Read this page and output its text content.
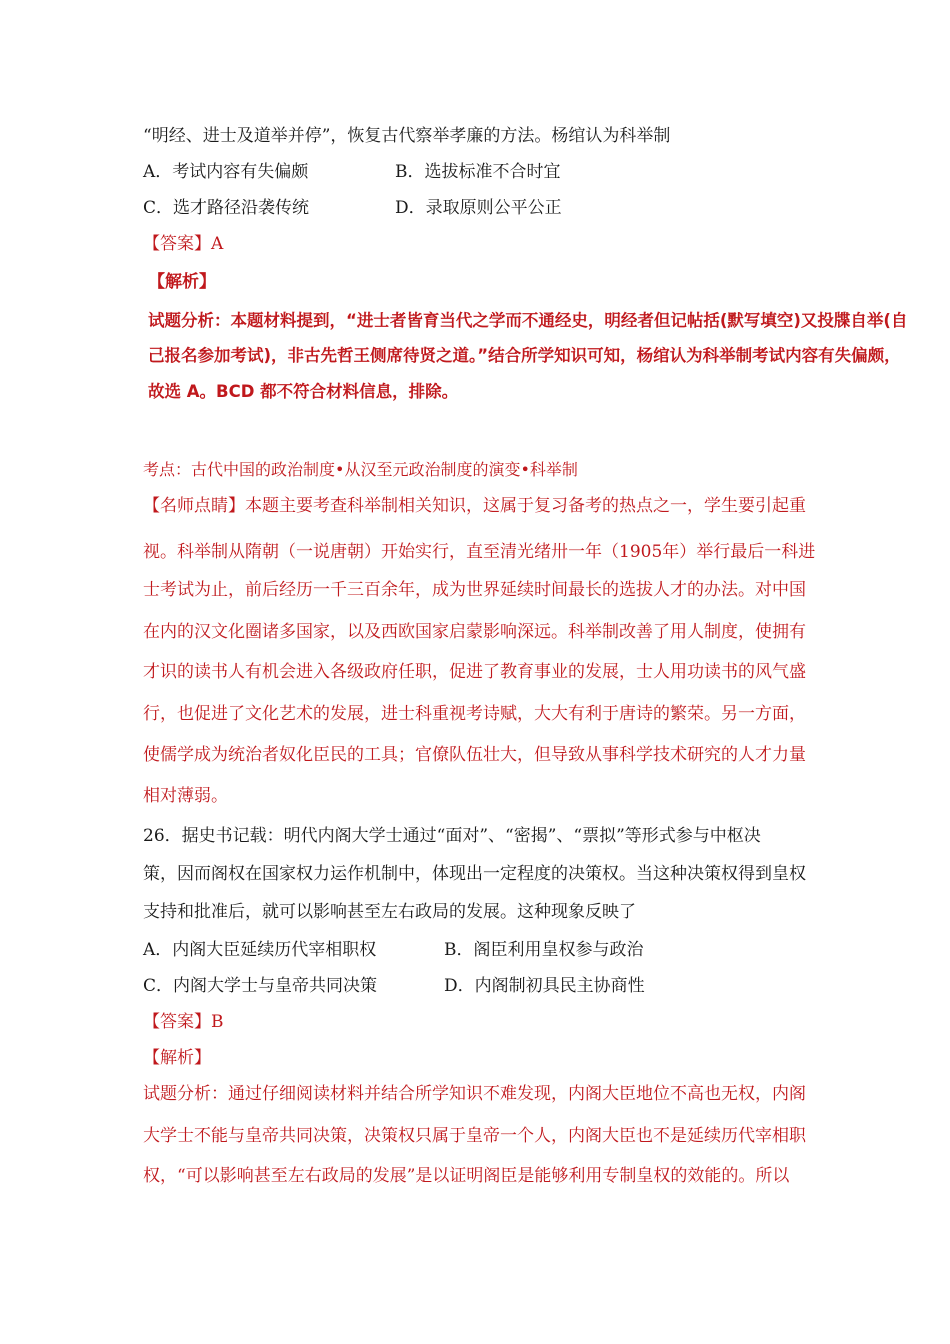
“明经、进士及道举并停”，恢复古代察举孝廉的方法。杨绾认为科举制
A．考试内容有失偏颇	B．选拔标准不合时宜
C．选才路径沿袭传统	D．录取原则公平公正
【答案】A
【解析】
试题分析：本题材料提到，“进士者皆育当代之学而不通经史，明经者但记帖括(默写填空)又投牒自举(自
己报名参加考试)，非古先哲王侧席待贤之道。”结合所学知识可知，杨绾认为科举制考试内容有失偏颇，
故选 A。BCD 都不符合材料信息，排除。
考点：古代中国的政治制度•从汉至元政治制度的演变•科举制
【名师点睛】本题主要考查科举制相关知识，这属于复习备考的热点之一，学生要引起重
视。科举制从隋朝（一说唐朝）开始实行，直至清光绪卅一年（1905年）举行最后一科进
士考试为止，前后经历一千三百余年，成为世界延续时间最长的选拔人才的办法。对中国
在内的汉文化圈诸多国家，以及西欧国家启蒙影响深远。科举制改善了用人制度，使拥有
才识的读书人有机会进入各级政府任职，促进了教育事业的发展，士人用功读书的风气盛
行，也促进了文化艺术的发展，进士科重视考诗赋，大大有利于唐诗的繁荣。另一方面，
使儒学成为统治者奴化臣民的工具；官僚队伍壮大，但导致从事科学技术研究的人才力量
相对薄弱。
26．据史书记载：明代内阁大学士通过“面对”、“密揭”、“票拟”等形式参与中枢决
策，因而阁权在国家权力运作机制中，体现出一定程度的决策权。当这种决策权得到皇权
支持和批准后，就可以影响甚至左右政局的发展。这种现象反映了
A．内阁大臣延续历代宰相职权	B．阁臣利用皇权参与政治
C．内阁大学士与皇帝共同决策	D．内阁制初具民主协商性
【答案】B
【解析】
试题分析：通过仔细阅读材料并结合所学知识不难发现，内阁大臣地位不高也无权，内阁
大学士不能与皇帝共同决策，决策权只属于皇帝一个人，内阁大臣也不是延续历代宰相职
权，“可以影响甚至左右政局的发展”是以证明阁臣是能够利用专制皇权的效能的。所以
